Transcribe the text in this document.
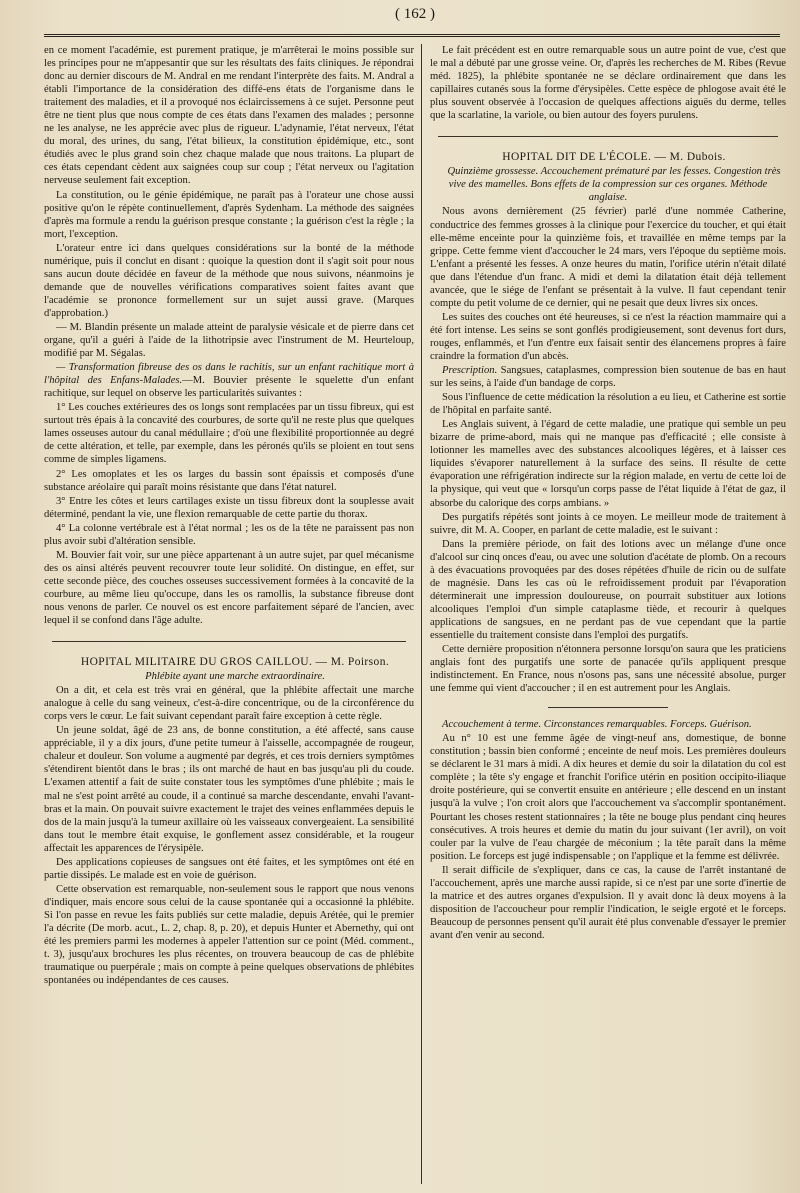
( 162 )

en ce moment l'académie, est purement pratique, je m'arrêterai le moins possible sur les principes pour ne m'appesantir que sur les résultats des faits cliniques. Je répondrai donc au dernier discours de M. Andral en me rendant l'interprète des faits. M. Andral a établi l'importance de la considération des diffé-ens états de l'organisme dans le traitement des maladies, et il a provoqué nos éclaircissemens à ce sujet. Personne peut être ne tient plus que nous compte de ces états dans l'examen des malades ; personne ne les analyse, ne les apprécie avec plus de rigueur. L'adynamie, l'état nerveux, l'état du moral, des urines, du sang, l'état bilieux, la constitution épidémique, etc., sont étudiés avec le plus grand soin chez chaque malade que nous traitons. La plupart de ces états cependant cèdent aux saignées coup sur coup ; l'état nerveux ou l'agitation nerveuse seulement fait exception.

La constitution, ou le génie épidémique, ne paraît pas à l'orateur une chose aussi positive qu'on le répète continuellement, d'après Sydenham. La méthode des saignées d'après ma formule a rendu la guérison presque constante ; la guérison c'est la règle ; la mort, l'exception.

L'orateur entre ici dans quelques considérations sur la bonté de la méthode numérique, puis il conclut en disant : quoique la question dont il s'agit soit pour nous sans aucun doute décidée en faveur de la méthode que nous suivons, néanmoins je demande que de nouvelles vérifications comparatives soient faites avant que l'académie se prononce formellement sur un sujet aussi grave. (Marques d'approbation.)

— M. Blandin présente un malade atteint de paralysie vésicale et de pierre dans cet organe, qu'il a guéri à l'aide de la lithotripsie avec l'instrument de M. Heurteloup, modifié par M. Ségalas.

— Transformation fibreuse des os dans le rachitis, sur un enfant rachitique mort à l'hôpital des Enfans-Malades.—M. Bouvier présente le squelette d'un enfant rachitique, sur lequel on observe les particularités suivantes :

1° Les couches extérieures des os longs sont remplacées par un tissu fibreux, qui est surtout très épais à la concavité des courbures, de sorte qu'il ne reste plus que quelques lames osseuses autour du canal médullaire ; d'où une flexibilité proportionnée au degré de cette altération, et telle, par exemple, dans les péronés qu'ils se ploient en tout sens comme de simples ligamens.

2° Les omoplates et les os larges du bassin sont épaissis et composés d'une substance aréolaire qui paraît moins résistante que dans l'état naturel.

3° Entre les côtes et leurs cartilages existe un tissu fibreux dont la souplesse avait déterminé, pendant la vie, une flexion remarquable de cette partie du thorax.

4° La colonne vertébrale est à l'état normal ; les os de la tête ne paraissent pas non plus avoir subi d'altération sensible.

M. Bouvier fait voir, sur une pièce appartenant à un autre sujet, par quel mécanisme des os ainsi altérés peuvent recouvrer toute leur solidité. On distingue, en effet, sur cette seconde pièce, des couches osseuses successivement formées à la concavité de la courbure, au même lieu qu'occupe, dans les os ramollis, la substance fibreuse dont nous venons de parler. Ce nouvel os est encore parfaitement séparé de l'ancien, avec lequel il se confond dans l'âge adulte.

HOPITAL MILITAIRE DU GROS CAILLOU. — M. Poirson.

Phlébite ayant une marche extraordinaire.

On a dit, et cela est très vrai en général, que la phlébite affectait une marche analogue à celle du sang veineux, c'est-à-dire concentrique, ou de la circonférence du corps vers le cœur. Le fait suivant cependant paraît faire exception à cette règle.

Un jeune soldat, âgé de 23 ans, de bonne constitution, a été affecté, sans cause appréciable, il y a dix jours, d'une petite tumeur à l'aisselle, accompagnée de rougeur, chaleur et douleur. Son volume a augmenté par degrés, et ces trois derniers symptômes s'étendirent bientôt dans le bras ; ils ont marché de haut en bas jusqu'au pli du coude. L'examen attentif a fait de suite constater tous les symptômes d'une phlébite ; mais le mal ne s'est point arrêté au coude, il a continué sa marche descendante, envahi l'avant-bras et la main. On pouvait suivre exactement le trajet des veines enflammées depuis le dos de la main jusqu'à la tumeur axillaire où les vaisseaux convergeaient. La sensibilité dans tout le membre était exquise, le gonflement assez considérable, et la rougeur affectait les apparences de l'érysipèle.

Des applications copieuses de sangsues ont été faites, et les symptômes ont été en partie dissipés. Le malade est en voie de guérison.

Cette observation est remarquable, non-seulement sous le rapport que nous venons d'indiquer, mais encore sous celui de la cause spontanée qui a occasionné la phlébite. Si l'on passe en revue les faits publiés sur cette maladie, depuis Arétée, qui le premier l'a décrite (De morb. acut., L. 2, chap. 8, p. 20), et depuis Hunter et Abernethy, qui ont été les premiers parmi les modernes à appeler l'attention sur ce point (Méd. comment., t. 3), jusqu'aux brochures les plus récentes, on trouvera beaucoup de cas de phlébite traumatique ou puerpérale ; mais on compte à peine quelques observations de phlébites spontanées ou indépendantes de ces causes.

Le fait précédent est en outre remarquable sous un autre point de vue, c'est que le mal a débuté par une grosse veine. Or, d'après les recherches de M. Ribes (Revue méd. 1825), la phlébite spontanée ne se déclare ordinairement que dans les capillaires cutanés sous la forme d'érysipèles. Cette espèce de phlogose avait été le plus souvent observée à l'occasion de quelques affections aiguës du derme, telles que la scarlatine, la variole, ou bien autour des foyers purulens.

HOPITAL DIT DE L'ÉCOLE. — M. Dubois.

Quinzième grossesse. Accouchement prématuré par les fesses. Congestion très vive des mamelles. Bons effets de la compression sur ces organes. Méthode anglaise.

Nous avons dernièrement (25 février) parlé d'une nommée Catherine, conductrice des femmes grosses à la clinique pour l'exercice du toucher, et qui était elle-même enceinte pour la quinzième fois, et travaillée en même temps par la grippe. Cette femme vient d'accoucher le 24 mars, vers l'époque du septième mois. L'enfant a présenté les fesses. A onze heures du matin, l'orifice utérin n'était dilaté que dans l'étendue d'un franc. A midi et demi la dilatation était déjà tellement avancée, que le siége de l'enfant se présentait à la vulve. Il faut cependant tenir compte du petit volume de ce dernier, qui ne pesait que deux livres six onces.

Les suites des couches ont été heureuses, si ce n'est la réaction mammaire qui a été fort intense. Les seins se sont gonflés prodigieusement, sont devenus fort durs, rouges, enflammés, et l'un d'entre eux faisait sentir des élancemens propres à faire craindre la formation d'un abcès.

Prescription. Sangsues, cataplasmes, compression bien soutenue de bas en haut sur les seins, à l'aide d'un bandage de corps.

Sous l'influence de cette médication la résolution a eu lieu, et Catherine est sortie de l'hôpital en parfaite santé.

Les Anglais suivent, à l'égard de cette maladie, une pratique qui semble un peu bizarre de prime-abord, mais qui ne manque pas d'efficacité ; elle consiste à lotionner les mamelles avec des substances alcooliques légères, et à laisser ces liquides s'évaporer naturellement à la surface des seins. Il résulte de cette évaporation une réfrigération indirecte sur la région malade, en vertu de cette loi de la physique, qui veut que « lorsqu'un corps passe de l'état liquide à l'état de gaz, il absorbe du calorique des corps ambians. »

Des purgatifs répétés sont joints à ce moyen. Le meilleur mode de traitement à suivre, dit M. A. Cooper, en parlant de cette maladie, est le suivant :

Dans la première période, on fait des lotions avec un mélange d'une once d'alcool sur cinq onces d'eau, ou avec une solution d'acétate de plomb. On a recours à des évacuations provoquées par des doses répétées d'huile de ricin ou de sulfate de magnésie. Dans les cas où le refroidissement produit par l'évaporation déterminerait une impression douloureuse, on pourrait substituer aux lotions alcooliques l'emploi d'un simple cataplasme tiède, et recourir à quelques applications de sangsues, en ne perdant pas de vue cependant que la partie essentielle du traitement consiste dans l'emploi des purgatifs.

Cette dernière proposition n'étonnera personne lorsqu'on saura que les praticiens anglais font des purgatifs une sorte de panacée qu'ils appliquent presque indistinctement. En France, nous n'osons pas, sans une nécessité absolue, purger une femme qui vient d'accoucher ; il en est autrement pour les Anglais.

Accouchement à terme. Circonstances remarquables. Forceps. Guérison.

Au n° 10 est une femme âgée de vingt-neuf ans, domestique, de bonne constitution ; bassin bien conformé ; enceinte de neuf mois. Les premières douleurs se déclarent le 31 mars à midi. A dix heures et demie du soir la dilatation du col est complète ; la tête s'y engage et franchit l'orifice utérin en position occipito-iliaque droite postérieure, qui se convertit ensuite en antérieure ; elle descend en un instant jusqu'à la vulve ; l'on croit alors que l'accouchement va s'accomplir spontanément. Pourtant les choses restent stationnaires ; la tête ne bouge plus pendant cinq heures consécutives. A trois heures et demie du matin du jour suivant (1er avril), on voit couler par la vulve de l'eau chargée de méconium ; la tête paraît dans la même position. Le forceps est jugé indispensable ; on l'applique et la femme est délivrée.

Il serait difficile de s'expliquer, dans ce cas, la cause de l'arrêt instantané de l'accouchement, après une marche aussi rapide, si ce n'est par une sorte d'inertie de la matrice et des autres organes d'expulsion. Il y avait donc là deux moyens à la disposition de l'accoucheur pour remplir l'indication, le seigle ergoté et le forceps. Beaucoup de personnes pensent qu'il aurait été plus convenable d'essayer le premier avant d'en venir au second.
